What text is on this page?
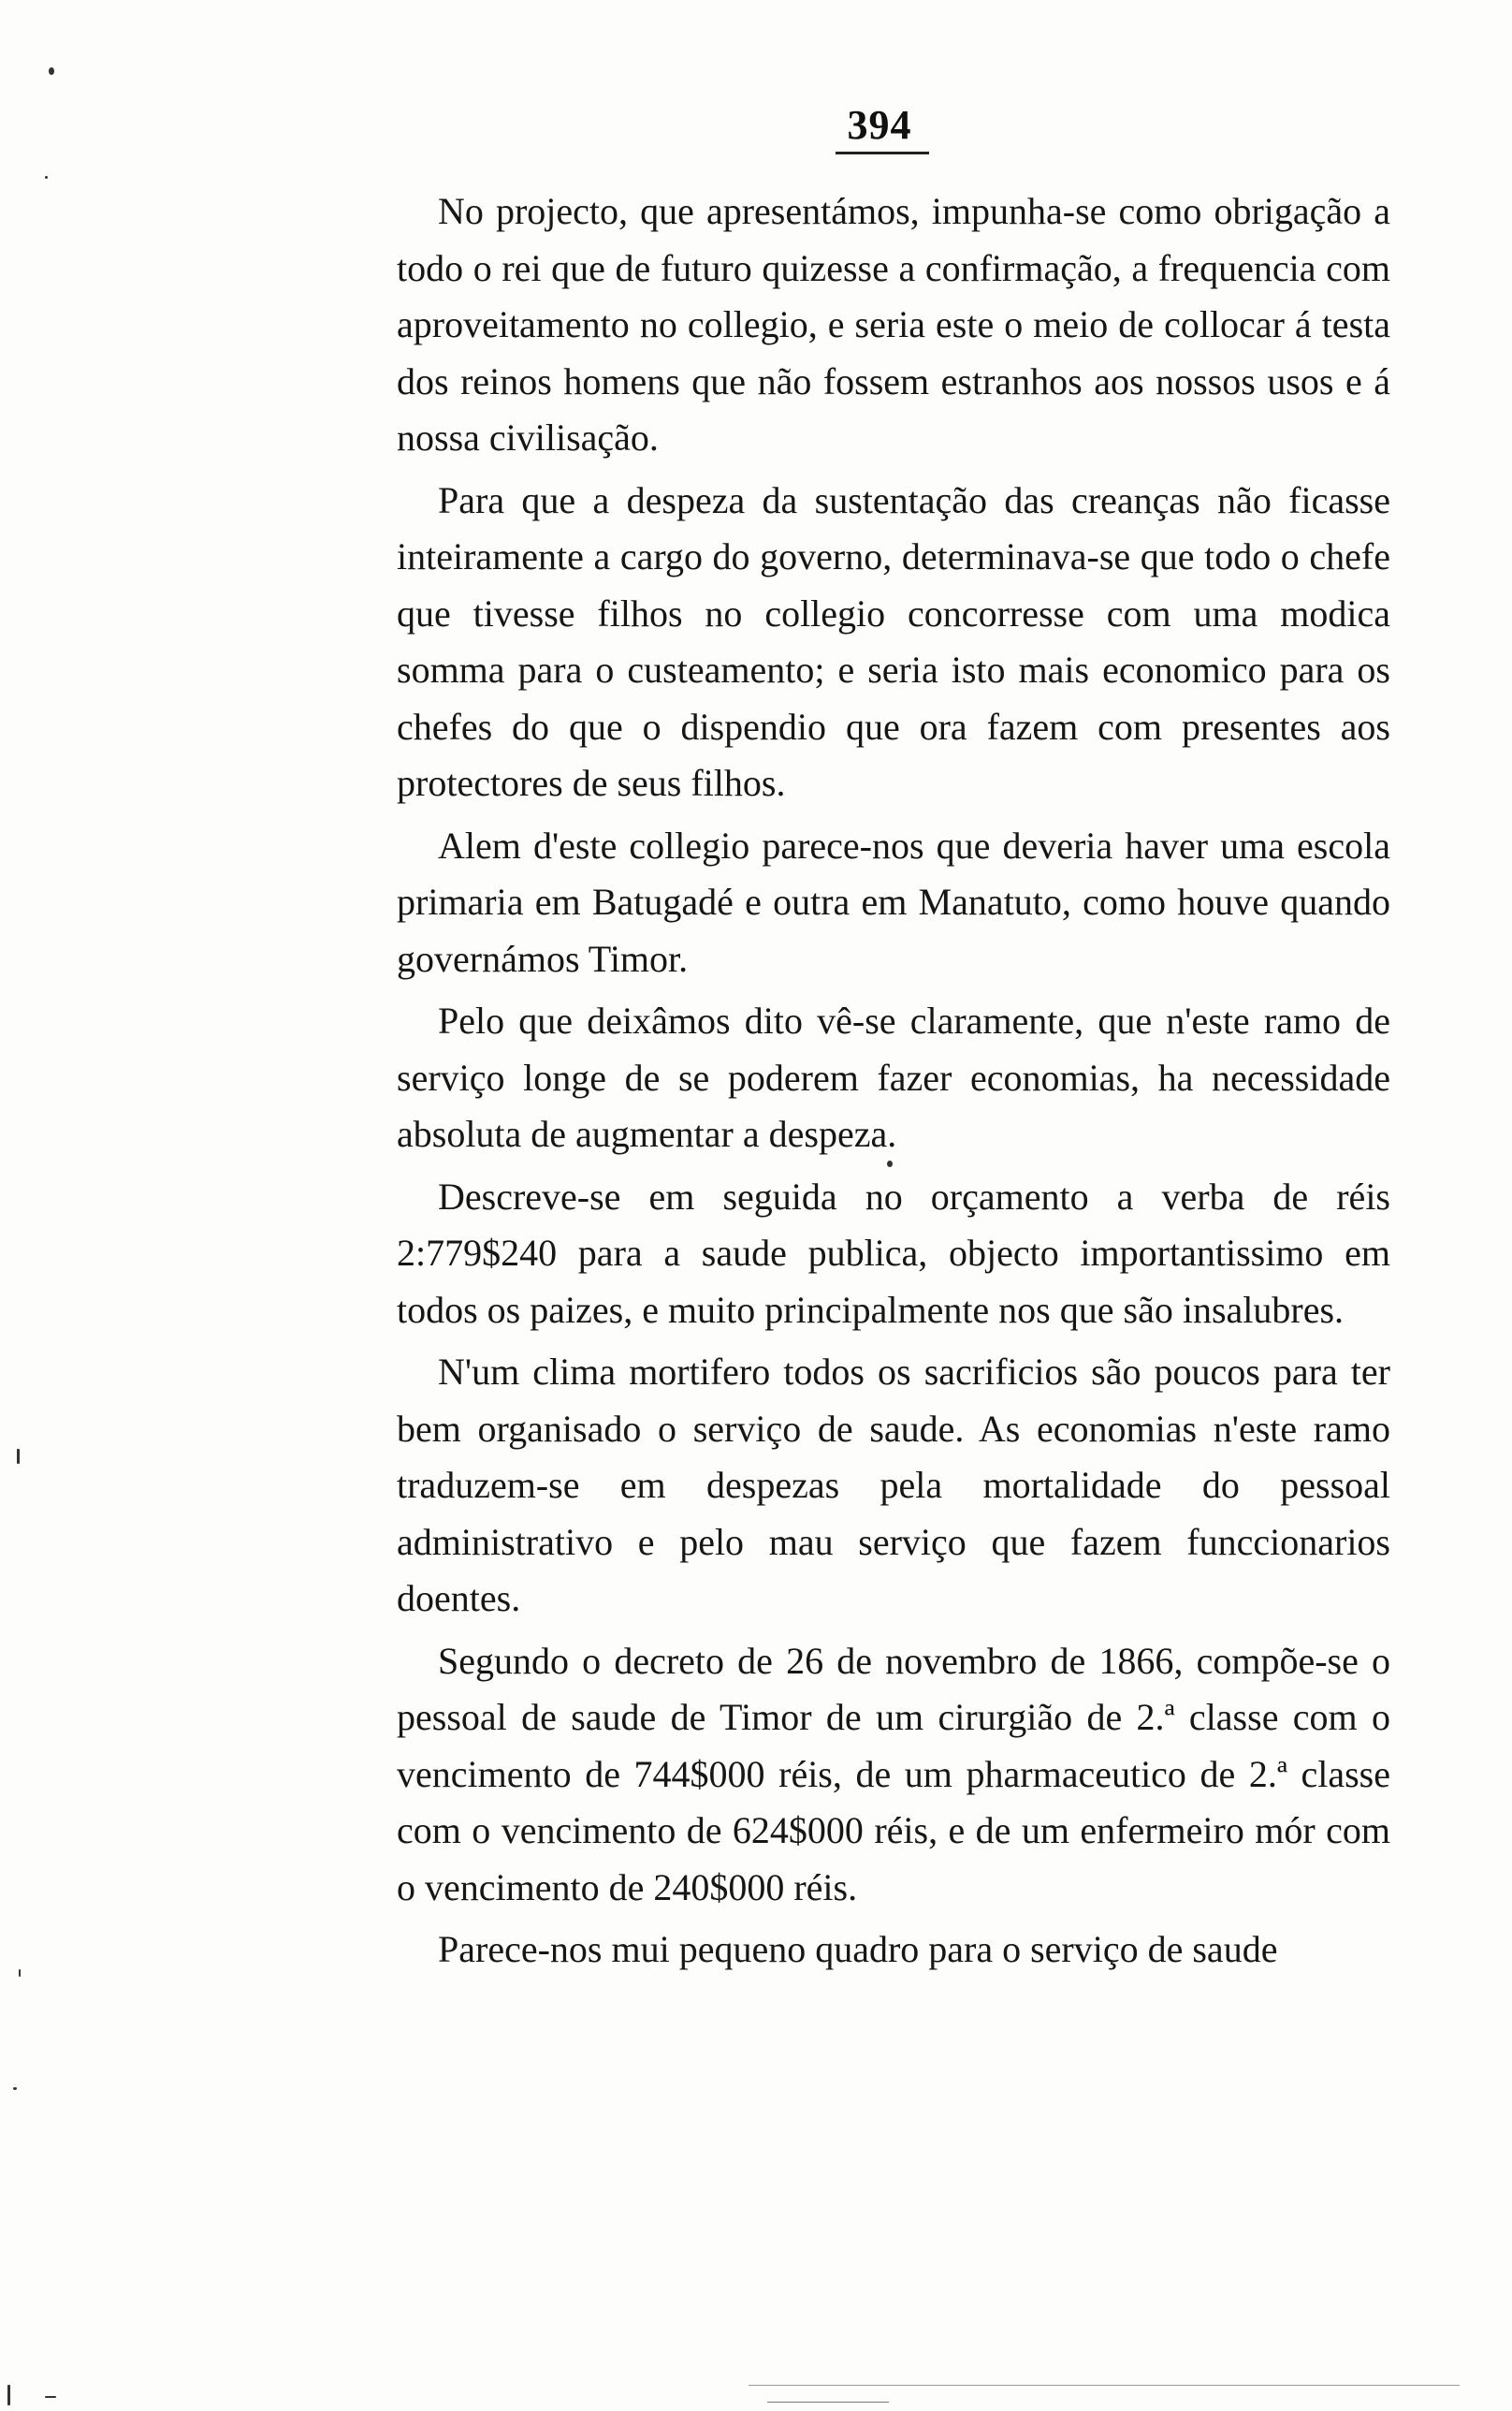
394

No projecto, que apresentámos, impunha-se como obrigação a todo o rei que de futuro quizesse a confirmação, a frequencia com aproveitamento no collegio, e seria este o meio de collocar á testa dos reinos homens que não fossem estranhos aos nossos usos e á nossa civilisação.

Para que a despeza da sustentação das creanças não ficasse inteiramente a cargo do governo, determinava-se que todo o chefe que tivesse filhos no collegio concorresse com uma modica somma para o custeamento; e seria isto mais economico para os chefes do que o dispendio que ora fazem com presentes aos protectores de seus filhos.

Alem d'este collegio parece-nos que deveria haver uma escola primaria em Batugadé e outra em Manatuto, como houve quando governámos Timor.

Pelo que deixâmos dito vê-se claramente, que n'este ramo de serviço longe de se poderem fazer economias, ha necessidade absoluta de augmentar a despeza.

Descreve-se em seguida no orçamento a verba de réis 2:779$240 para a saude publica, objecto importantissimo em todos os paizes, e muito principalmente nos que são insalubres.

N'um clima mortifero todos os sacrificios são poucos para ter bem organisado o serviço de saude. As economias n'este ramo traduzem-se em despezas pela mortalidade do pessoal administrativo e pelo mau serviço que fazem funccionarios doentes.

Segundo o decreto de 26 de novembro de 1866, compõe-se o pessoal de saude de Timor de um cirurgião de 2.ª classe com o vencimento de 744$000 réis, de um pharmaceutico de 2.ª classe com o vencimento de 624$000 réis, e de um enfermeiro mór com o vencimento de 240$000 réis.

Parece-nos mui pequeno quadro para o serviço de saude
